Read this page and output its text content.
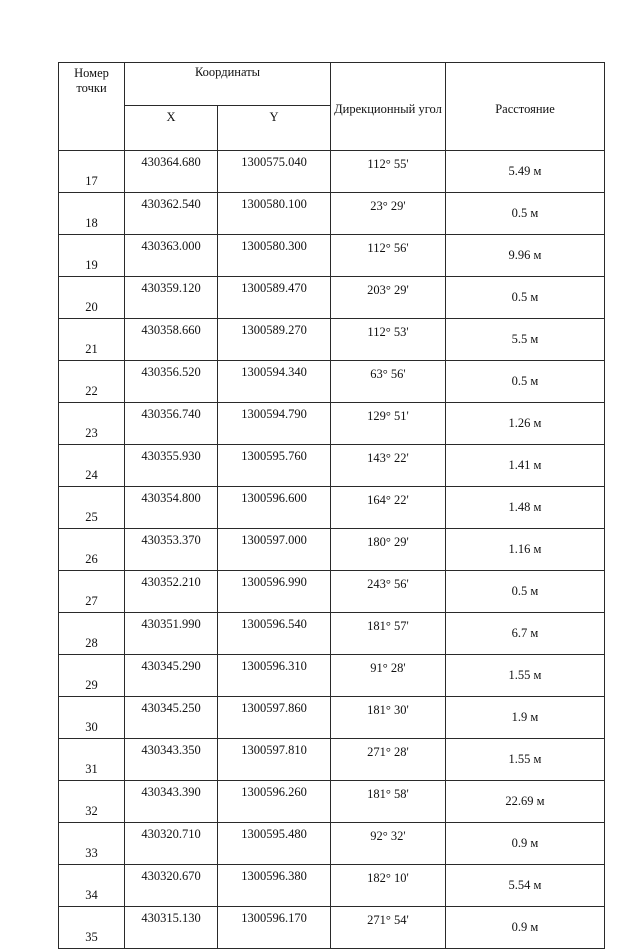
Номер точки	Координаты		Дирекционный угол	Расстояние
	X	Y		
17	430364.680	1300575.040	112° 55'	5.49 м
18	430362.540	1300580.100	23° 29'	0.5 м
19	430363.000	1300580.300	112° 56'	9.96 м
20	430359.120	1300589.470	203° 29'	0.5 м
21	430358.660	1300589.270	112° 53'	5.5 м
22	430356.520	1300594.340	63° 56'	0.5 м
23	430356.740	1300594.790	129° 51'	1.26 м
24	430355.930	1300595.760	143° 22'	1.41 м
25	430354.800	1300596.600	164° 22'	1.48 м
26	430353.370	1300597.000	180° 29'	1.16 м
27	430352.210	1300596.990	243° 56'	0.5 м
28	430351.990	1300596.540	181° 57'	6.7 м
29	430345.290	1300596.310	91° 28'	1.55 м
30	430345.250	1300597.860	181° 30'	1.9 м
31	430343.350	1300597.810	271° 28'	1.55 м
32	430343.390	1300596.260	181° 58'	22.69 м
33	430320.710	1300595.480	92° 32'	0.9 м
34	430320.670	1300596.380	182° 10'	5.54 м
35	430315.130	1300596.170	271° 54'	0.9 м
